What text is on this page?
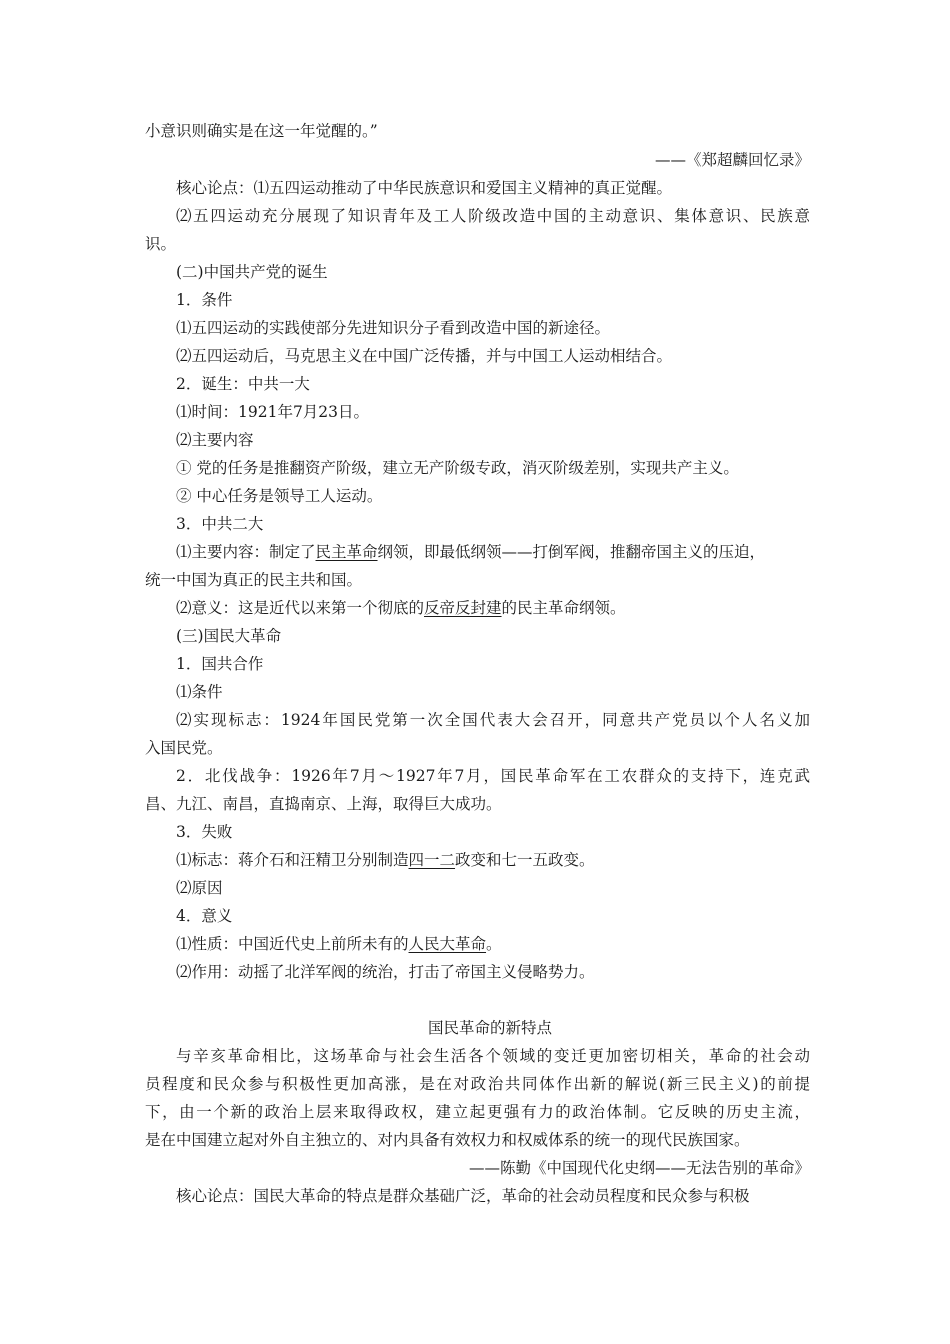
小意识则确实是在这一年觉醒的。”
——《郑超麟回忆录》
核心论点：⑴五四运动推动了中华民族意识和爱国主义精神的真正觉醒。
⑵五四运动充分展现了知识青年及工人阶级改造中国的主动意识、集体意识、民族意
识。
(二)中国共产党的诞生
1．条件
⑴五四运动的实践使部分先进知识分子看到改造中国的新途径。
⑵五四运动后，马克思主义在中国广泛传播，并与中国工人运动相结合。
2．诞生：中共一大
⑴时间：1921年7月23日。
⑵主要内容
① 党的任务是推翻资产阶级，建立无产阶级专政，消灭阶级差别，实现共产主义。
② 中心任务是领导工人运动。
3．中共二大
⑴主要内容：制定了民主革命纲领，即最低纲领——打倒军阀，推翻帝国主义的压迫，
统一中国为真正的民主共和国。
⑵意义：这是近代以来第一个彻底的反帝反封建的民主革命纲领。
(三)国民大革命
1．国共合作
⑴条件
⑵实现标志：1924年国民党第一次全国代表大会召开，同意共产党员以个人名义加
入国民党。
2．北伐战争：1926年7月～1927年7月，国民革命军在工农群众的支持下，连克武
昌、九江、南昌，直捣南京、上海，取得巨大成功。
3．失败
⑴标志：蒋介石和汪精卫分别制造四一二政变和七一五政变。
⑵原因
4．意义
⑴性质：中国近代史上前所未有的人民大革命。
⑵作用：动摇了北洋军阀的统治，打击了帝国主义侵略势力。
国民革命的新特点
与辛亥革命相比，这场革命与社会生活各个领域的变迁更加密切相关，革命的社会动
员程度和民众参与积极性更加高涨，是在对政治共同体作出新的解说(新三民主义)的前提
下，由一个新的政治上层来取得政权，建立起更强有力的政治体制。它反映的历史主流，
是在中国建立起对外自主独立的、对内具备有效权力和权威体系的统一的现代民族国家。
——陈勤《中国现代化史纲——无法告别的革命》
核心论点：国民大革命的特点是群众基础广泛，革命的社会动员程度和民众参与积极
